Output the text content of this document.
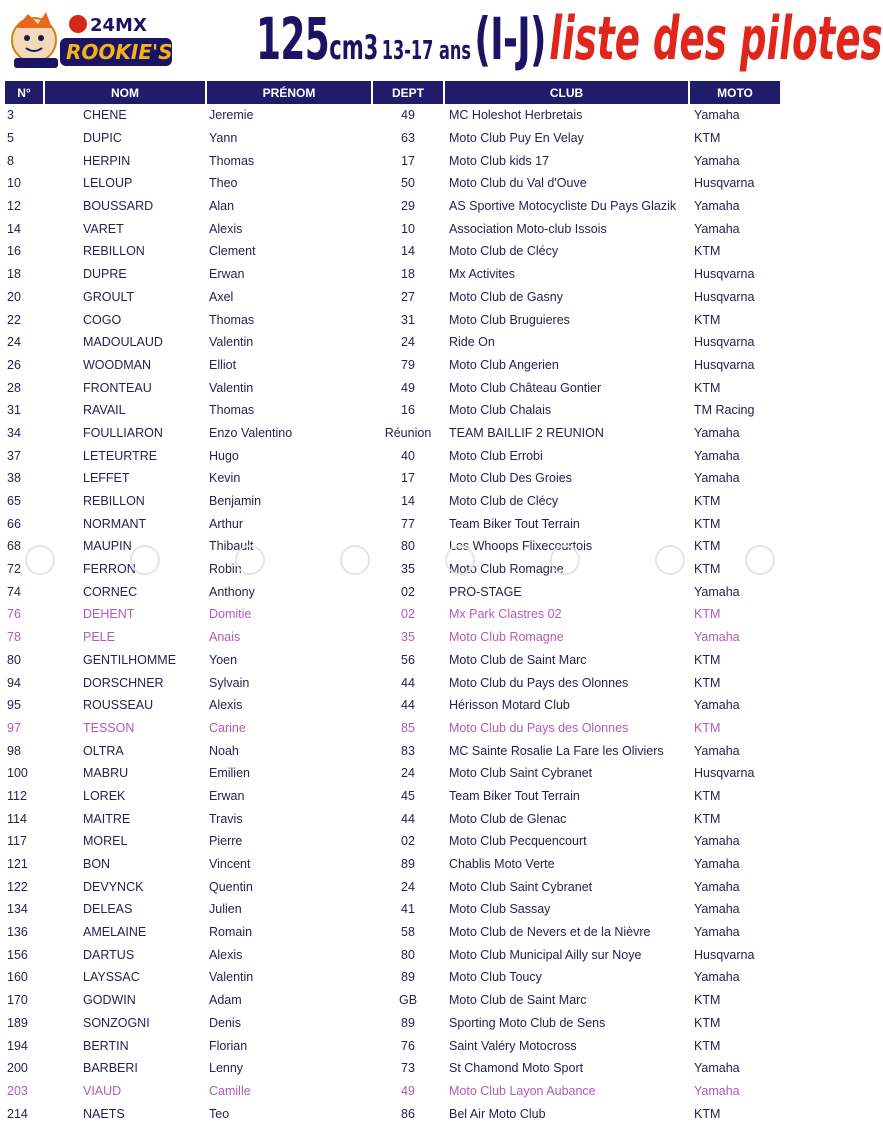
24MX
ROOKIE'S 125cm3 13-17 ans (I-J) liste des pilotes
N°	NOM	PRÉNOM	DEPT	CLUB	MOTO
3	CHENE	Jeremie	49	MC Holeshot Herbretais	Yamaha
5	DUPIC	Yann	63	Moto Club Puy En Velay	KTM
8	HERPIN	Thomas	17	Moto Club kids 17	Yamaha
10	LELOUP	Theo	50	Moto Club du Val d'Ouve	Husqvarna
12	BOUSSARD	Alan	29	AS Sportive Motocycliste Du Pays Glazik	Yamaha
14	VARET	Alexis	10	Association Moto-club Issois	Yamaha
16	REBILLON	Clement	14	Moto Club de Clécy	KTM
18	DUPRE	Erwan	18	Mx Activites	Husqvarna
20	GROULT	Axel	27	Moto Club de Gasny	Husqvarna
22	COGO	Thomas	31	Moto Club Bruguieres	KTM
24	MADOULAUD	Valentin	24	Ride On	Husqvarna
26	WOODMAN	Elliot	79	Moto Club Angerien	Husqvarna
28	FRONTEAU	Valentin	49	Moto Club Château Gontier	KTM
31	RAVAIL	Thomas	16	Moto Club Chalais	TM Racing
34	FOULLIARON	Enzo Valentino	Réunion	TEAM BAILLIF 2 REUNION	Yamaha
37	LETEURTRE	Hugo	40	Moto Club Errobi	Yamaha
38	LEFFET	Kevin	17	Moto Club Des Groies	Yamaha
65	REBILLON	Benjamin	14	Moto Club de Clécy	KTM
66	NORMANT	Arthur	77	Team Biker Tout Terrain	KTM
68	MAUPIN	Thibault	80	Les Whoops Flixecourtois	KTM
72	FERRON	Robin	35	Moto Club Romagne	KTM
74	CORNEC	Anthony	02	PRO-STAGE	Yamaha
76	DEHENT	Domitie	02	Mx Park Clastres 02	KTM
78	PELE	Anais	35	Moto Club Romagne	Yamaha
80	GENTILHOMME	Yoen	56	Moto Club de Saint Marc	KTM
94	DORSCHNER	Sylvain	44	Moto Club du Pays des Olonnes	KTM
95	ROUSSEAU	Alexis	44	Hérisson Motard Club	Yamaha
97	TESSON	Carine	85	Moto Club du Pays des Olonnes	KTM
98	OLTRA	Noah	83	MC Sainte Rosalie La Fare les Oliviers	Yamaha
100	MABRU	Emilien	24	Moto Club Saint Cybranet	Husqvarna
112	LOREK	Erwan	45	Team Biker Tout Terrain	KTM
114	MAITRE	Travis	44	Moto Club de Glenac	KTM
117	MOREL	Pierre	02	Moto Club Pecquencourt	Yamaha
121	BON	Vincent	89	Chablis Moto Verte	Yamaha
122	DEVYNCK	Quentin	24	Moto Club Saint Cybranet	Yamaha
134	DELEAS	Julien	41	Moto Club Sassay	Yamaha
136	AMELAINE	Romain	58	Moto Club de Nevers et de la Nièvre	Yamaha
156	DARTUS	Alexis	80	Moto Club Municipal Ailly sur Noye	Husqvarna
160	LAYSSAC	Valentin	89	Moto Club Toucy	Yamaha
170	GODWIN	Adam	GB	Moto Club de Saint Marc	KTM
189	SONZOGNI	Denis	89	Sporting Moto Club de Sens	KTM
194	BERTIN	Florian	76	Saint Valéry Motocross	KTM
200	BARBERI	Lenny	73	St Chamond Moto Sport	Yamaha
203	VIAUD	Camille	49	Moto Club Layon Aubance	Yamaha
214	NAETS	Teo	86	Bel Air Moto Club	KTM
